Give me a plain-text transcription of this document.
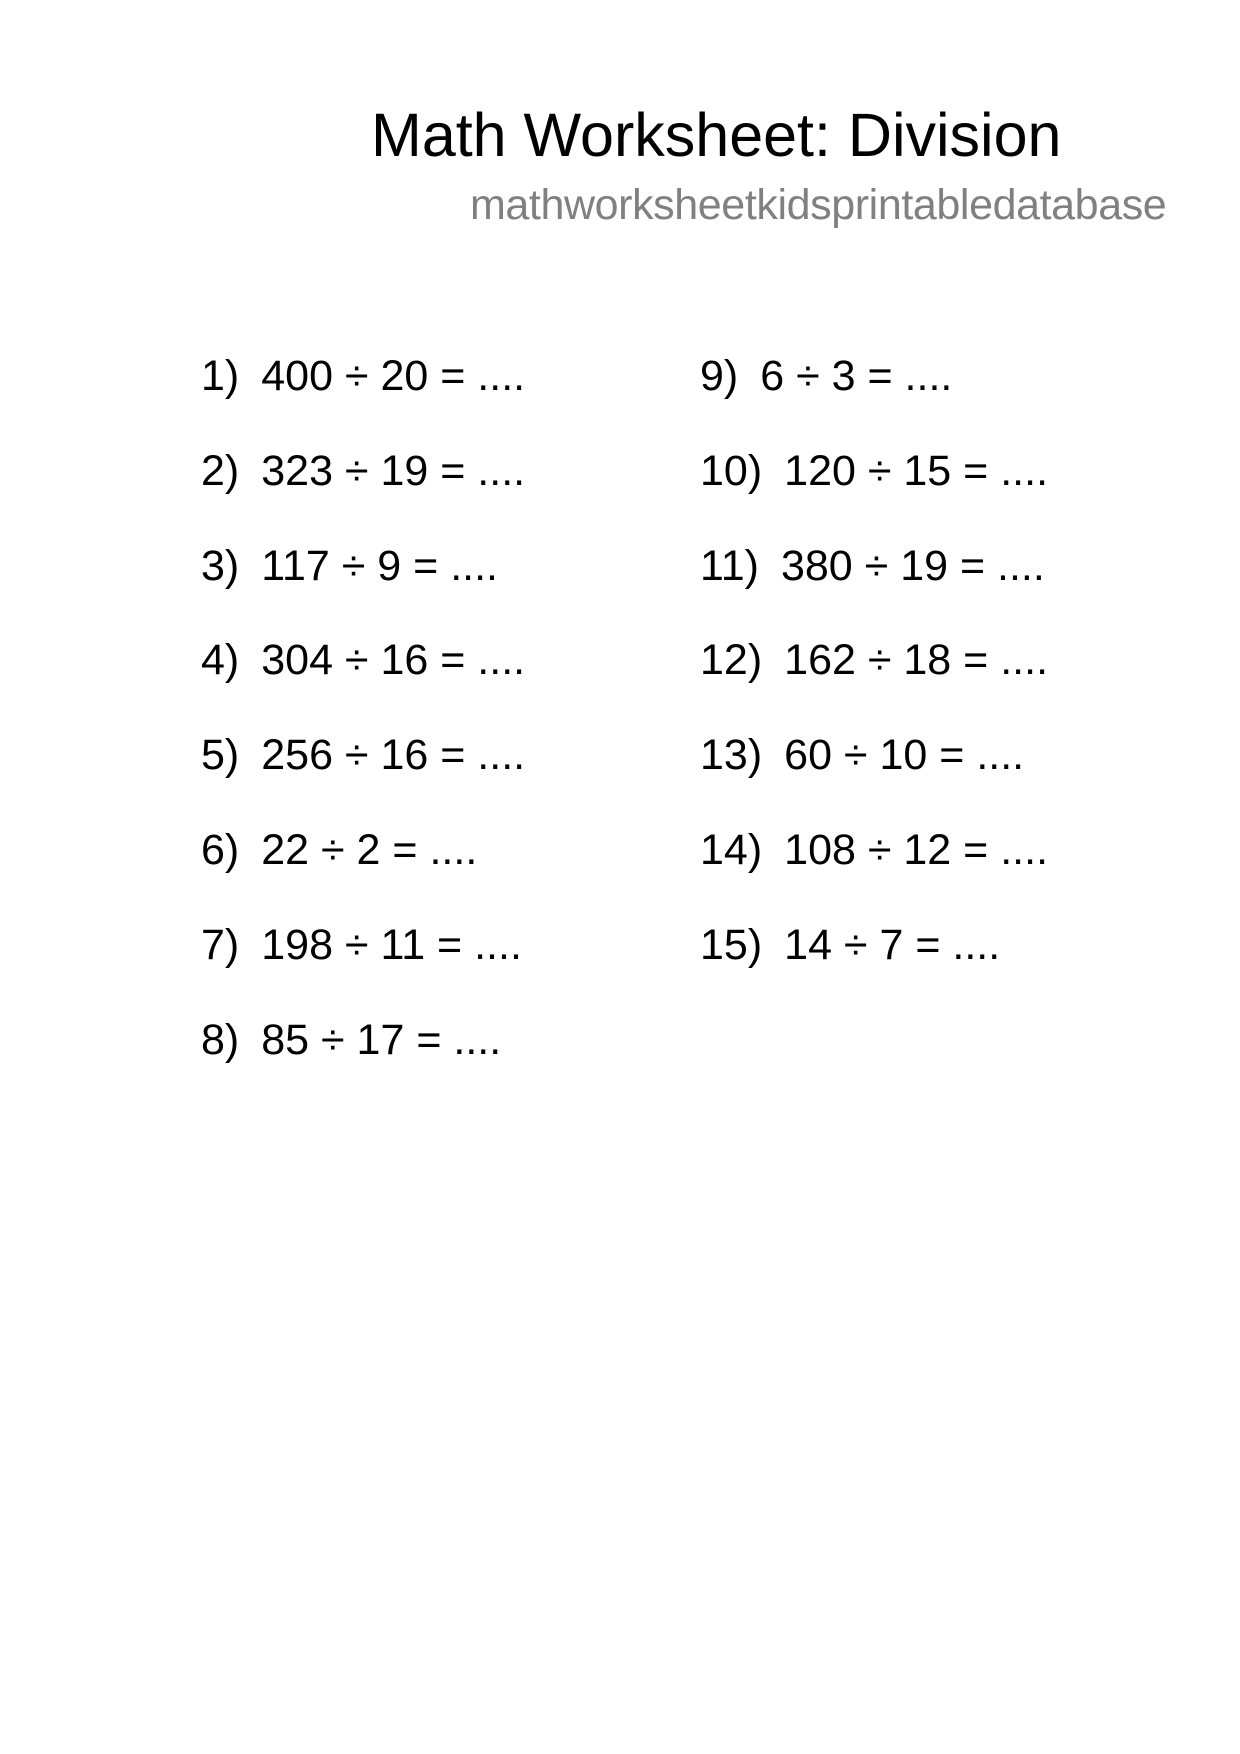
Math Worksheet: Division
mathworksheetkidsprintabledatabase
1) 400 ÷ 20 = ....
2) 323 ÷ 19 = ....
3) 117 ÷ 9 = ....
4) 304 ÷ 16 = ....
5) 256 ÷ 16 = ....
6) 22 ÷ 2 = ....
7) 198 ÷ 11 = ....
8) 85 ÷ 17 = ....
9) 6 ÷ 3 = ....
10) 120 ÷ 15 = ....
11) 380 ÷ 19 = ....
12) 162 ÷ 18 = ....
13) 60 ÷ 10 = ....
14) 108 ÷ 12 = ....
15) 14 ÷ 7 = ....
